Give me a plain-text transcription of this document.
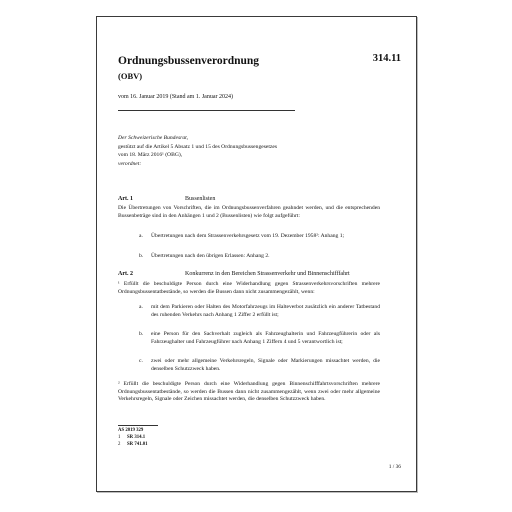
Ordnungsbussenverordnung
(OBV)
314.11
vom 16. Januar 2019 (Stand am 1. Januar 2024)
Der Schweizerische Bundesrat,
gestützt auf die Artikel 5 Absatz 1 und 15 des Ordnungsbussengesetzes
vom 18. März 2016¹ (OBG),
verordnet:
Art. 1	Bussenlisten
Die Übertretungen von Vorschriften, die im Ordnungsbussenverfahren geahndet werden, und die entsprechenden Bussenbeträge sind in den Anhängen 1 und 2 (Bussenlisten) wie folgt aufgeführt:
a. Übertretungen nach dem Strassenverkehrsgesetz vom 19. Dezember 1958²: Anhang 1;
b. Übertretungen nach den übrigen Erlassen: Anhang 2.
Art. 2	Konkurrenz in den Bereichen Strassenverkehr und Binnenschifffahrt
¹ Erfüllt die beschuldigte Person durch eine Widerhandlung gegen Strassenverkehrsvorschriften mehrere Ordnungsbussentatbestände, so werden die Bussen dann nicht zusammengezählt, wenn:
a. mit dem Parkieren oder Halten des Motorfahrzeugs im Halteverbot zusätzlich ein anderer Tatbestand des ruhenden Verkehrs nach Anhang 1 Ziffer 2 erfüllt ist;
b. eine Person für den Sachverhalt zugleich als Fahrzeughalterin und Fahrzeugführerin oder als Fahrzeughalter und Fahrzeugführer nach Anhang 1 Ziffern 4 und 5 verantwortlich ist;
c. zwei oder mehr allgemeine Verkehrsregeln, Signale oder Markierungen missachtet werden, die denselben Schutzzweck haben.
² Erfüllt die beschuldigte Person durch eine Widerhandlung gegen Binnenschifffahrtsvorschriften mehrere Ordnungsbussentatbestände, so werden die Bussen dann nicht zusammengezählt, wenn zwei oder mehr allgemeine Verkehrsregeln, Signale oder Zeichen missachtet werden, die denselben Schutzzweck haben.
AS 2019 329
1 SR 314.1
2 SR 741.01
1 / 36
